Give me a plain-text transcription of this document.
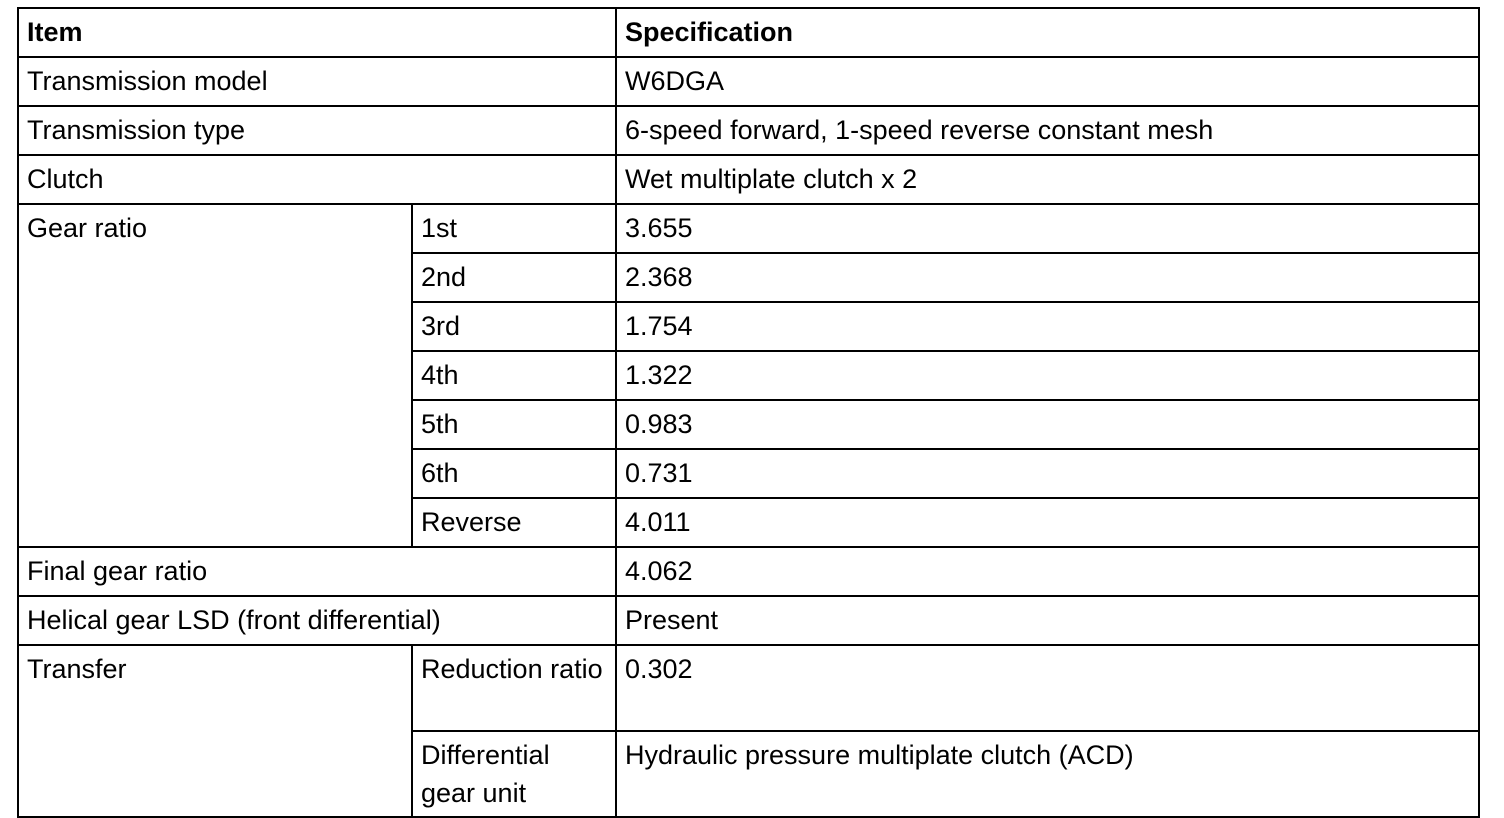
Item		Specification
Transmission model		W6DGA
Transmission type		6-speed forward, 1-speed reverse constant mesh
Clutch		Wet multiplate clutch x 2
Gear ratio	1st	3.655
	2nd	2.368
	3rd	1.754
	4th	1.322
	5th	0.983
	6th	0.731
	Reverse	4.011
Final gear ratio		4.062
Helical gear LSD (front differential)		Present
Transfer	Reduction ratio	0.302
	Differential gear unit	Hydraulic pressure multiplate clutch (ACD)
